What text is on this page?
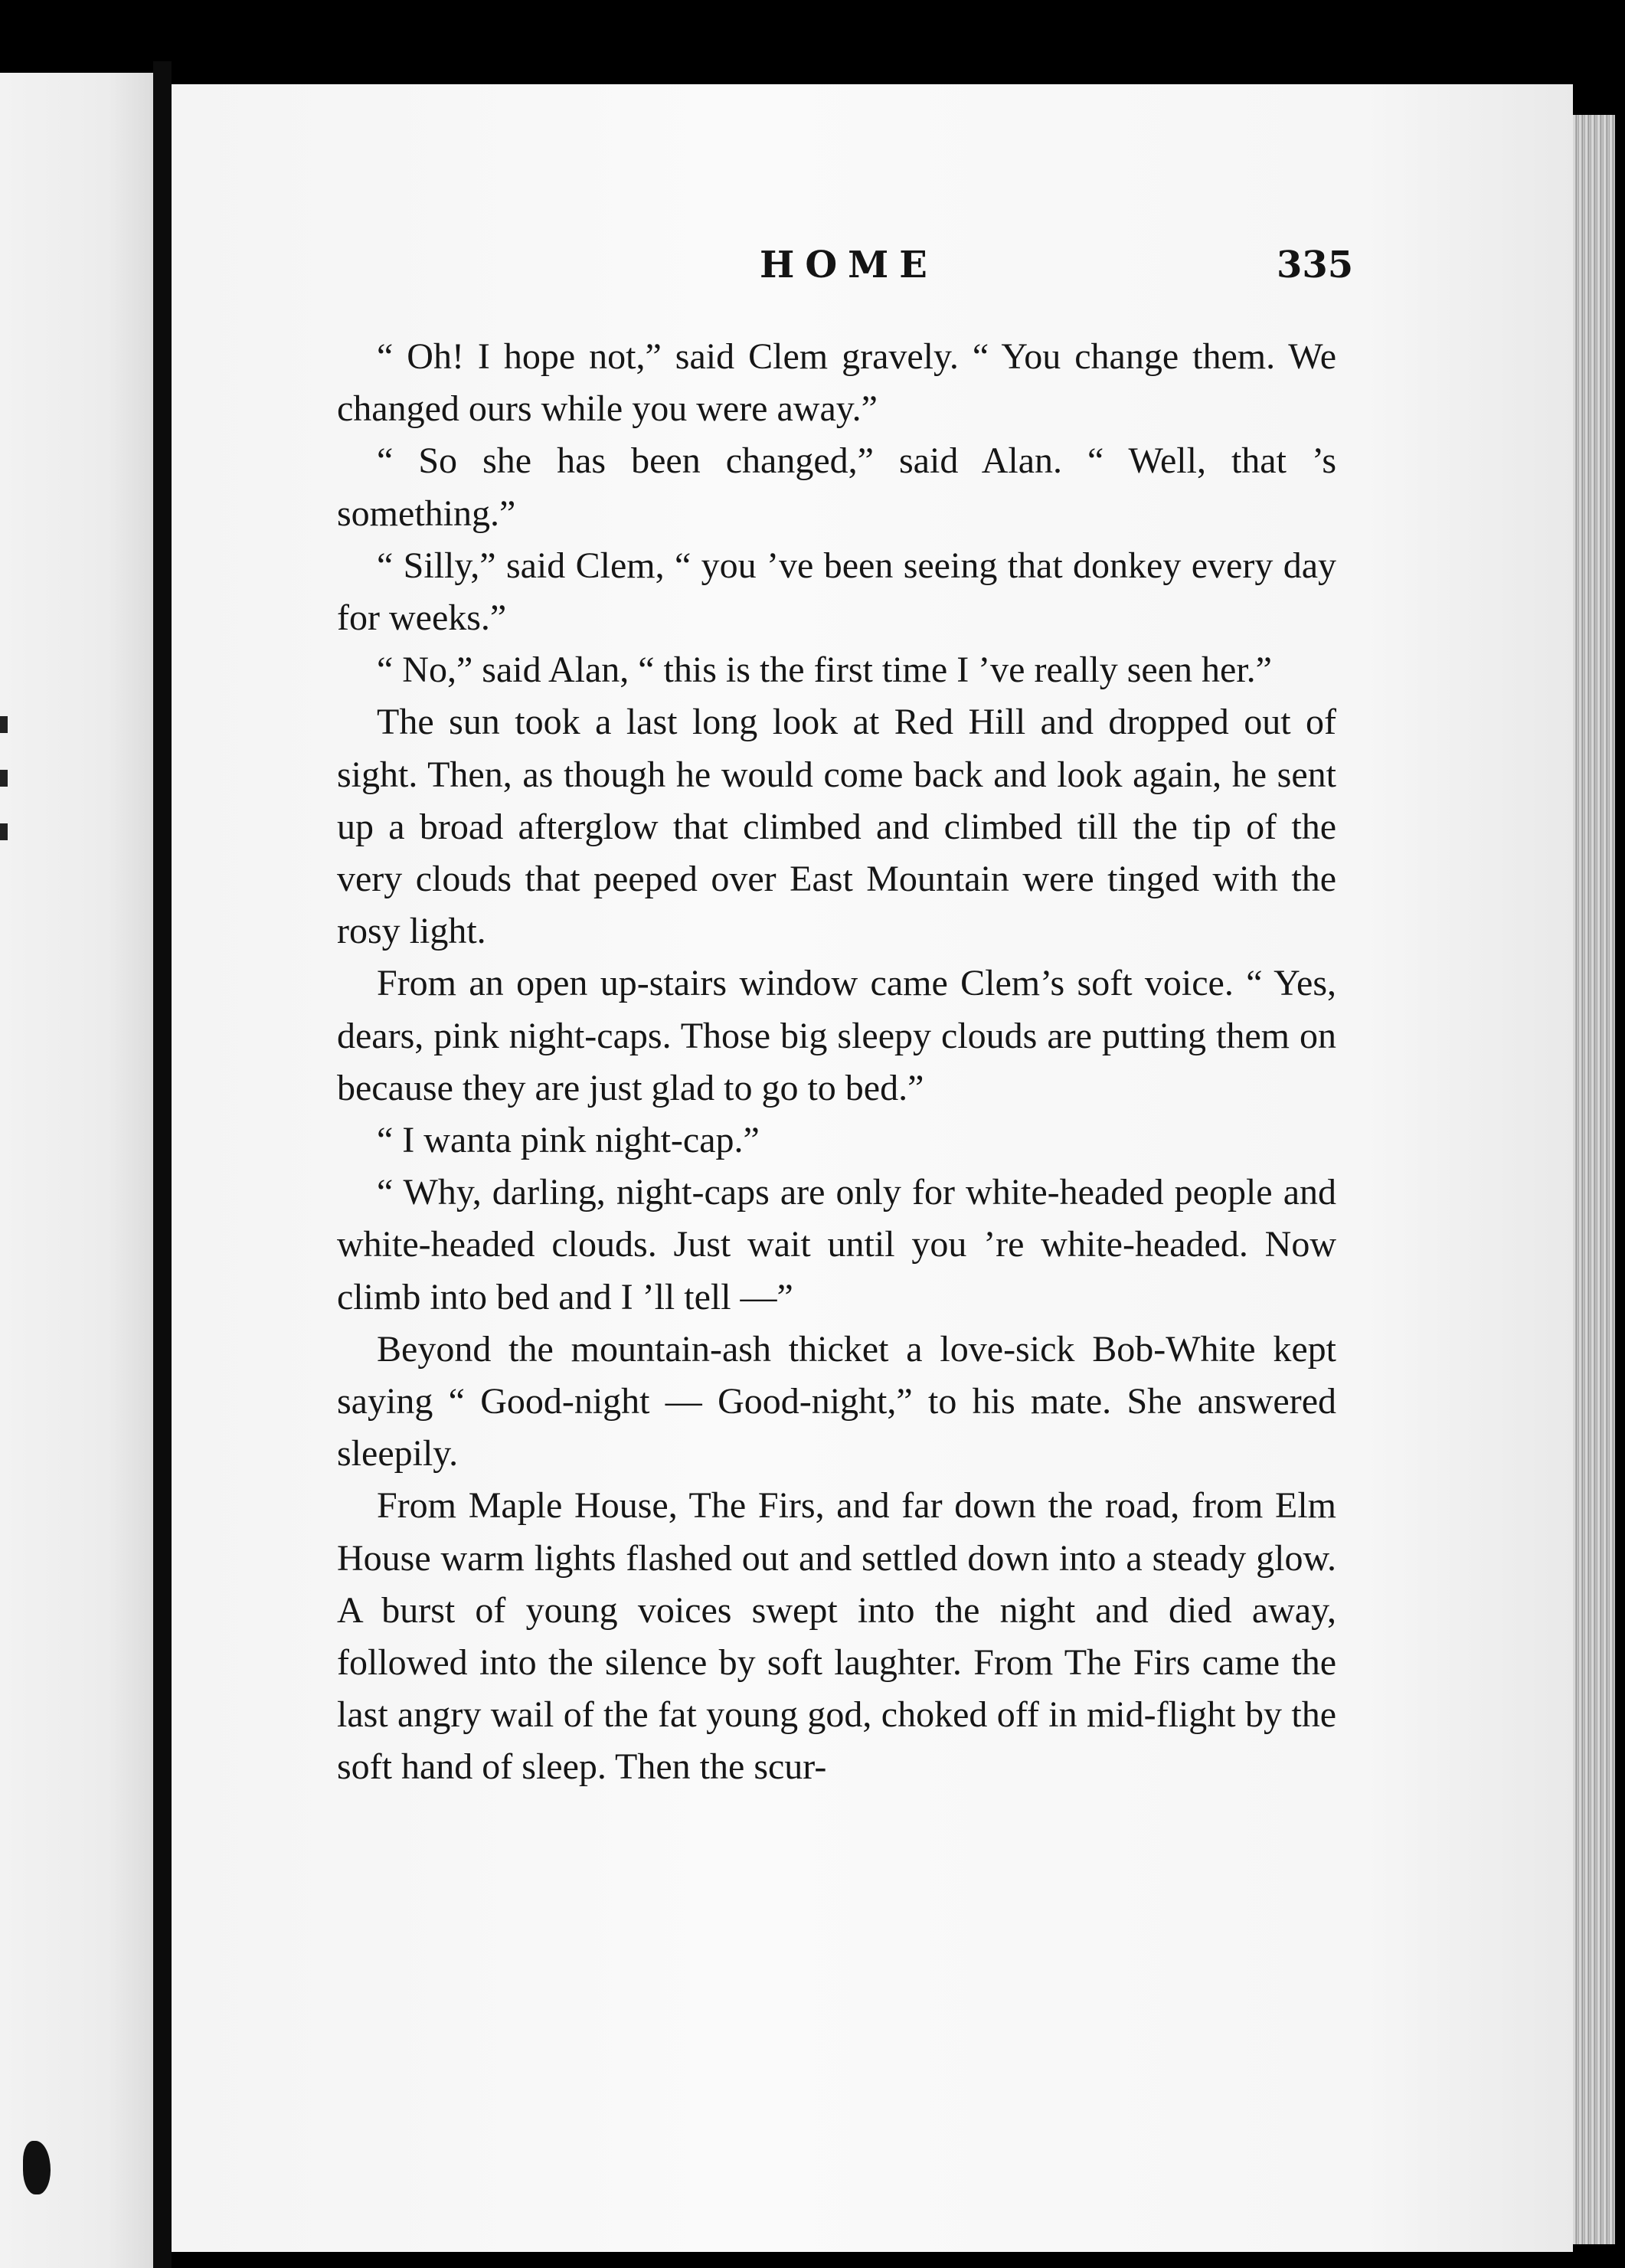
HOME	335

“ Oh! I hope not,” said Clem gravely. “ You change them. We changed ours while you were away.”

“ So she has been changed,” said Alan. “ Well, that ’s something.”

“ Silly,” said Clem, “ you ’ve been seeing that donkey every day for weeks.”

“ No,” said Alan, “ this is the first time I ’ve really seen her.”

The sun took a last long look at Red Hill and dropped out of sight. Then, as though he would come back and look again, he sent up a broad afterglow that climbed and climbed till the tip of the very clouds that peeped over East Mountain were tinged with the rosy light.

From an open up-stairs window came Clem’s soft voice. “ Yes, dears, pink night-caps. Those big sleepy clouds are putting them on because they are just glad to go to bed.”

“ I wanta pink night-cap.”

“ Why, darling, night-caps are only for white-headed people and white-headed clouds. Just wait until you ’re white-headed. Now climb into bed and I ’ll tell —”

Beyond the mountain-ash thicket a love-sick Bob-White kept saying “ Good-night — Good-night,” to his mate. She answered sleepily.

From Maple House, The Firs, and far down the road, from Elm House warm lights flashed out and settled down into a steady glow. A burst of young voices swept into the night and died away, followed into the silence by soft laughter. From The Firs came the last angry wail of the fat young god, choked off in mid-flight by the soft hand of sleep. Then the scur-
